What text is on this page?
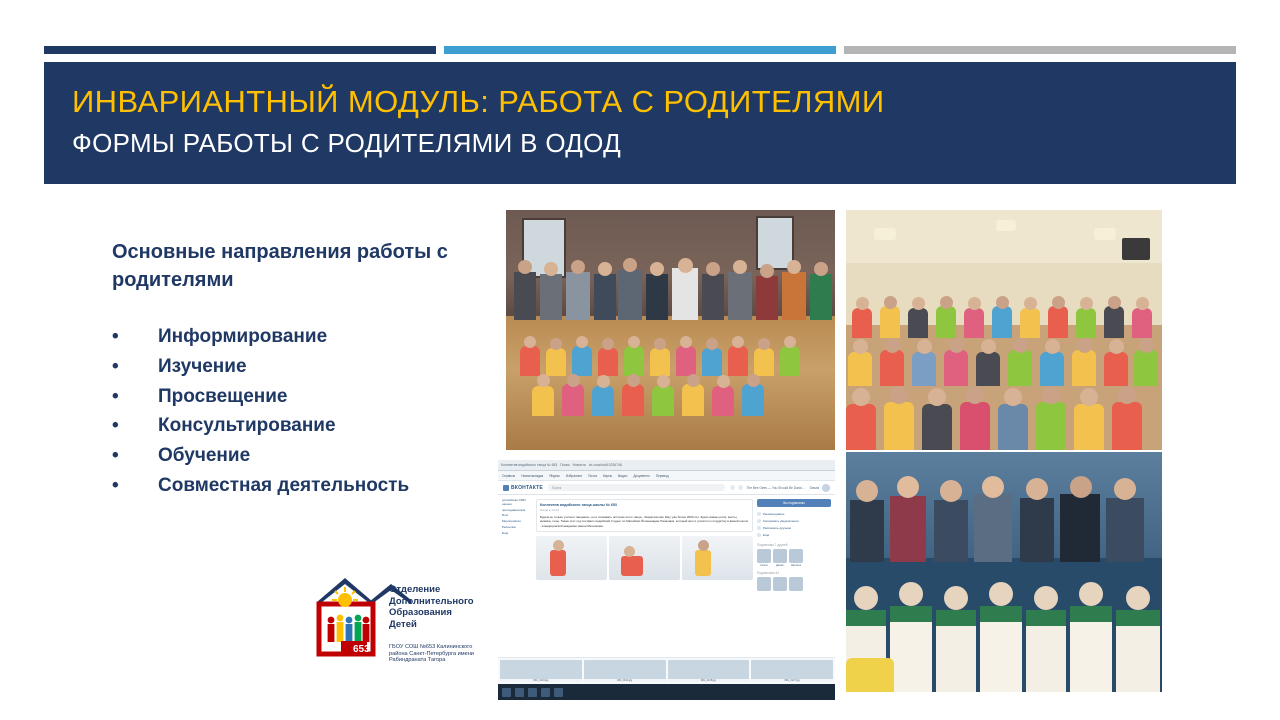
ИНВАРИАНТНЫЙ МОДУЛЬ: РАБОТА С РОДИТЕЛЯМИ
ФОРМЫ РАБОТЫ С РОДИТЕЛЯМИ В ОДОД

Основные направления работы с родителями

•	Информирование
•	Изучение
•	Просвещение
•	Консультирование
•	Обучение
•	Совместная деятельность
Отделение
Дополнительного
Образования
Детей
653	ГБОУ СОШ №653 Калининского района Санкт-Петербурга имени Рабиндраната Тагора
Коллектив индийского танца № 653 Поиск Новости vk.com/club10236746
Сервисы Новая вкладка Яндекс Избранное Почта Карты Видео Документы Перевод
ВКОНТАКТЕ	Поиск	The Bee Gees — You Should Be Danci... Ольга
российская СМИ нашего
преподавателем
Блог
Мероприятия
Рассылка
Ещё
Коллектив индийского танца школы № 653
вчера в 14:14
Будем не только учиться танцевать, но и познавать историю этого танца - бхаратнатьям. Ему уже более 2000 лет. Здесь важны ритм, жесты, мимика, позы. Также этот год поставил индийский студент из Малайзии Йогананадан Паначарм, который жил и учился по госудрству в вашей школе - в медицинской академии имени Мечникова.
Вы подписаны
Рекомендовать
Копировать уведомления
Рассказать друзьям
Ещё
Подписаны 7 друзей
Ольга	Денис	Наталья
Подписчики 44
IMG_0123.jpg	IMG_0124.jpg	IMG_0125.jpg	IMG_0127.jpg
